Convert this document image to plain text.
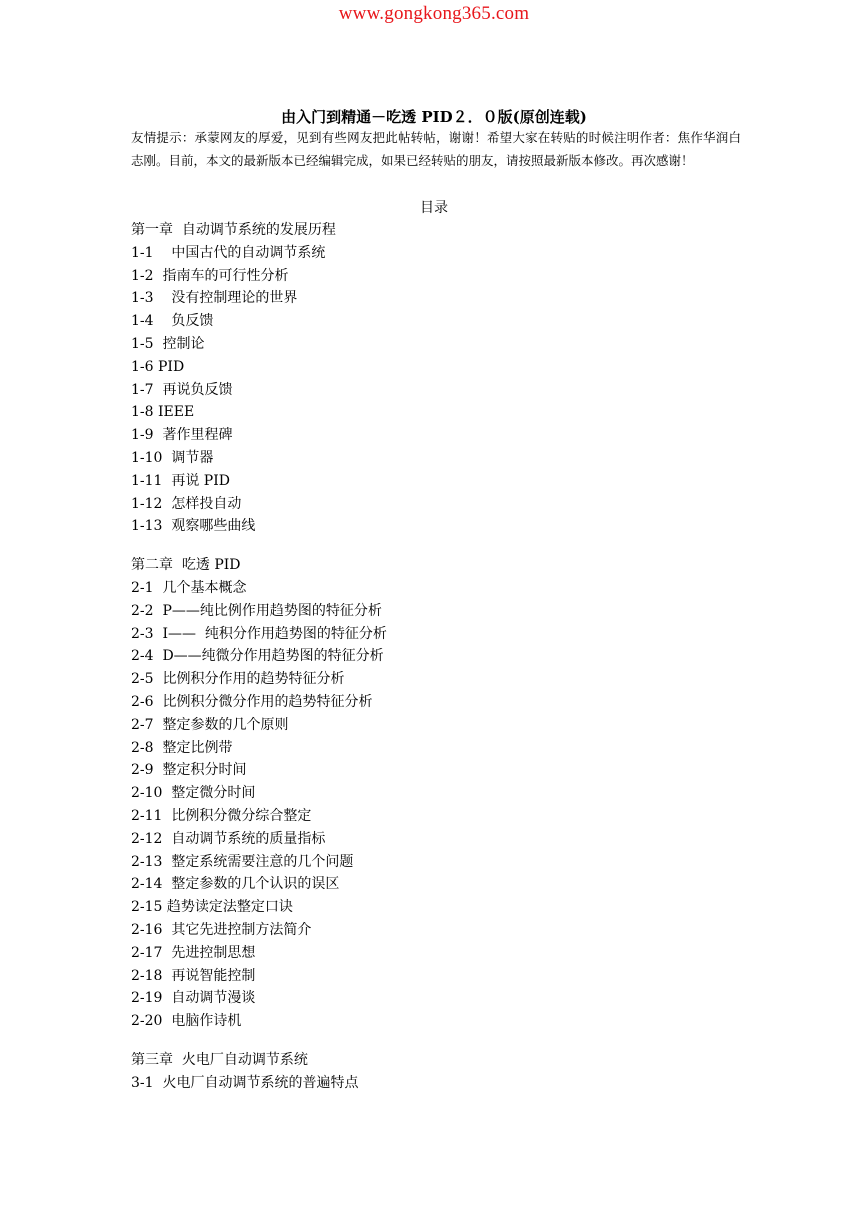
www.gongkong365.com
由入门到精通－吃透 PID２．０版(原创连载)
友情提示：承蒙网友的厚爱，见到有些网友把此帖转帖，谢谢！希望大家在转贴的时候注明作者：焦作华润白志刚。目前，本文的最新版本已经编辑完成，如果已经转贴的朋友，请按照最新版本修改。再次感谢！
目录
第一章  自动调节系统的发展历程
1-1    中国古代的自动调节系统
1-2  指南车的可行性分析
1-3    没有控制理论的世界
1-4    负反馈
1-5  控制论
1-6 PID
1-7  再说负反馈
1-8 IEEE
1-9  著作里程碑
1-10  调节器
1-11  再说 PID
1-12  怎样投自动
1-13  观察哪些曲线
第二章  吃透 PID
2-1  几个基本概念
2-2  P——纯比例作用趋势图的特征分析
2-3  I——  纯积分作用趋势图的特征分析
2-4  D——纯微分作用趋势图的特征分析
2-5  比例积分作用的趋势特征分析
2-6  比例积分微分作用的趋势特征分析
2-7  整定参数的几个原则
2-8  整定比例带
2-9  整定积分时间
2-10  整定微分时间
2-11  比例积分微分综合整定
2-12  自动调节系统的质量指标
2-13  整定系统需要注意的几个问题
2-14  整定参数的几个认识的误区
2-15 趋势读定法整定口诀
2-16  其它先进控制方法简介
2-17  先进控制思想
2-18  再说智能控制
2-19  自动调节漫谈
2-20  电脑作诗机
第三章  火电厂自动调节系统
3-1  火电厂自动调节系统的普遍特点
